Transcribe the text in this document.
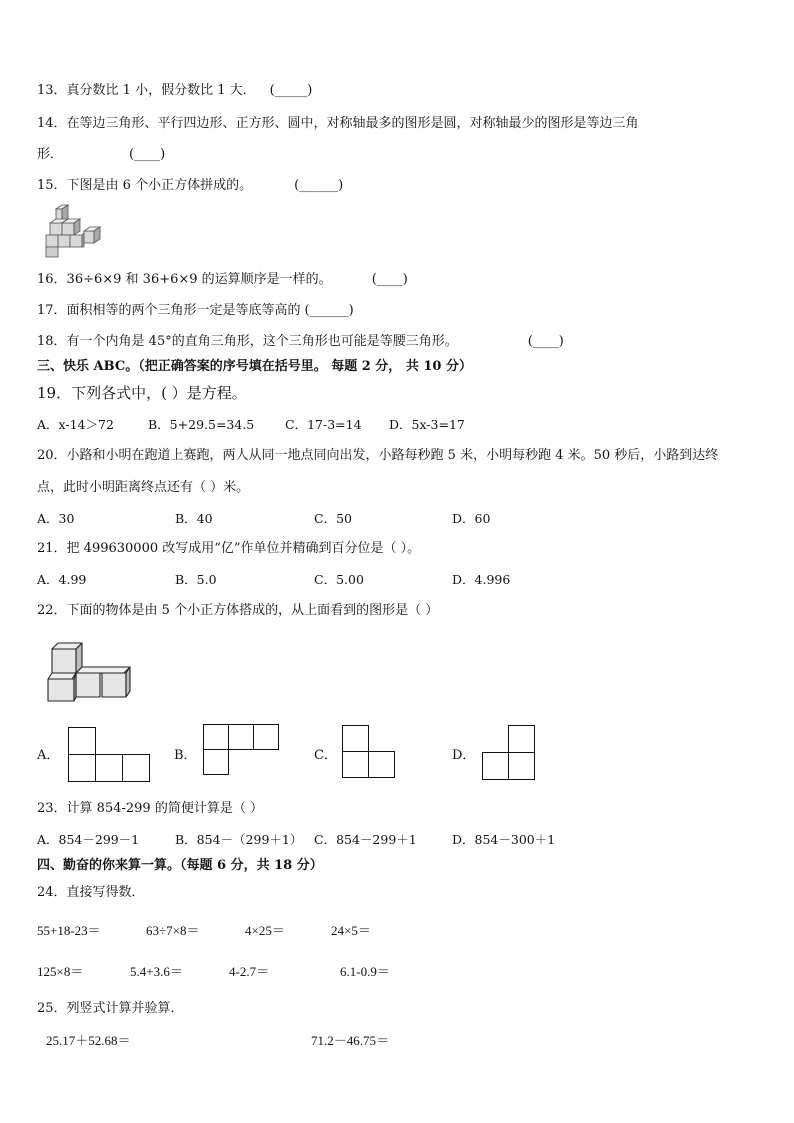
13．真分数比 1 小，假分数比 1 大． (_____)
14．在等边三角形、平行四边形、正方形、圆中，对称轴最多的图形是圆，对称轴最少的图形是等边三角
形．	(____)
15．下图是由 6 个小正方体拼成的。	(______)
16．36÷6×9 和 36+6×9 的运算顺序是一样的。	(____)
17．面积相等的两个三角形一定是等底等高的 (______)
18．有一个内角是 45°的直角三角形，这个三角形也可能是等腰三角形。	(____)
三、快乐 ABC。（把正确答案的序号填在括号里。 每题 2 分， 共 10 分）
19．下列各式中，( ）是方程。
A．x-14＞72	B．5+29.5=34.5 C．17-3=14 D．5x-3=17
20．小路和小明在跑道上赛跑，两人从同一地点同向出发，小路每秒跑 5 米，小明每秒跑 4 米。50 秒后，小路到达终
点，此时小明距离终点还有（ ）米。
A．30	B．40	C．50	D．60
21．把 499630000 改写成用“亿”作单位并精确到百分位是（ ）。
A．4.99	B．5.0	C．5.00	D．4.996
22．下面的物体是由 5 个小正方体搭成的，从上面看到的图形是（ ）
A．	B．	C．	D．
23．计算 854-299 的简便计算是（ ）
A．854－299－1	B．854－（299＋1） C．854－299＋1	D．854－300＋1
四、勤奋的你来算一算。（每题 6 分，共 18 分）
24．直接写得数．
55+18-23＝	63÷7×8＝	4×25＝	24×5＝
125×8＝	5.4+3.6＝	4-2.7＝	6.1-0.9＝
25．列竖式计算并验算．
25.17＋52.68＝	71.2－46.75＝
